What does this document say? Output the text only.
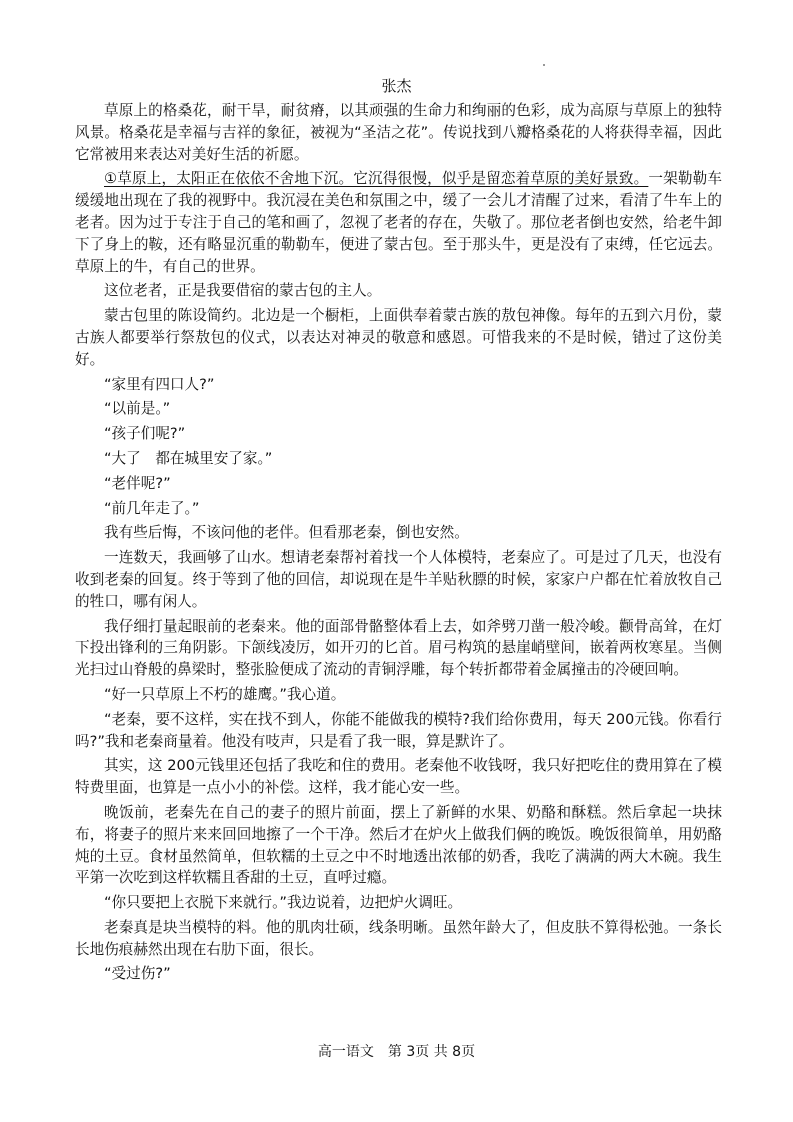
张杰

草原上的格桑花，耐干旱，耐贫瘠，以其顽强的生命力和绚丽的色彩，成为高原与草原上的独特风景。格桑花是幸福与吉祥的象征，被视为“圣洁之花”。传说找到八瓣格桑花的人将获得幸福，因此它常被用来表达对美好生活的祈愿。

①草原上，太阳正在依依不舍地下沉。它沉得很慢，似乎是留恋着草原的美好景致。一架勒勒车缓缓地出现在了我的视野中。我沉浸在美色和氛围之中，缓了一会儿才清醒了过来，看清了牛车上的老者。因为过于专注于自己的笔和画了，忽视了老者的存在，失敬了。那位老者倒也安然，给老牛卸下了身上的鞍，还有略显沉重的勒勒车，便进了蒙古包。至于那头牛，更是没有了束缚，任它远去。草原上的牛，有自己的世界。

这位老者，正是我要借宿的蒙古包的主人。

蒙古包里的陈设简约。北边是一个橱柜，上面供奉着蒙古族的敖包神像。每年的五到六月份，蒙古族人都要举行祭敖包的仪式，以表达对神灵的敬意和感恩。可惜我来的不是时候，错过了这份美好。

“家里有四口人?”

“以前是。”

“孩子们呢?”

“大了　都在城里安了家。”

“老伴呢?”

“前几年走了。”

我有些后悔，不该问他的老伴。但看那老秦，倒也安然。

一连数天，我画够了山水。想请老秦帮衬着找一个人体模特，老秦应了。可是过了几天，也没有收到老秦的回复。终于等到了他的回信，却说现在是牛羊贴秋膘的时候，家家户户都在忙着放牧自己的牲口，哪有闲人。

我仔细打量起眼前的老秦来。他的面部骨骼整体看上去，如斧劈刀凿一般冷峻。颧骨高耸，在灯下投出锋利的三角阴影。下颌线凌厉，如开刃的匕首。眉弓构筑的悬崖峭壁间，嵌着两枚寒星。当侧光扫过山脊般的鼻梁时，整张脸便成了流动的青铜浮雕，每个转折都带着金属撞击的冷硬回响。

“好一只草原上不朽的雄鹰。”我心道。

“老秦，要不这样，实在找不到人，你能不能做我的模特?我们给你费用，每天 200元钱。你看行吗?”我和老秦商量着。他没有吱声，只是看了我一眼，算是默许了。

其实，这 200元钱里还包括了我吃和住的费用。老秦他不收钱呀，我只好把吃住的费用算在了模特费里面，也算是一点小小的补偿。这样，我才能心安一些。

晚饭前，老秦先在自己的妻子的照片前面，摆上了新鲜的水果、奶酪和酥糕。然后拿起一块抹布，将妻子的照片来来回回地擦了一个干净。然后才在炉火上做我们俩的晚饭。晚饭很简单，用奶酪炖的土豆。食材虽然简单，但软糯的土豆之中不时地透出浓郁的奶香，我吃了满满的两大木碗。我生平第一次吃到这样软糯且香甜的土豆，直呼过瘾。

“你只要把上衣脱下来就行。”我边说着，边把炉火调旺。

老秦真是块当模特的料。他的肌肉壮硕，线条明晰。虽然年龄大了，但皮肤不算得松弛。一条长长地伤痕赫然出现在右肋下面，很长。

“受过伤?”

高一语文　第 3页 共 8页
